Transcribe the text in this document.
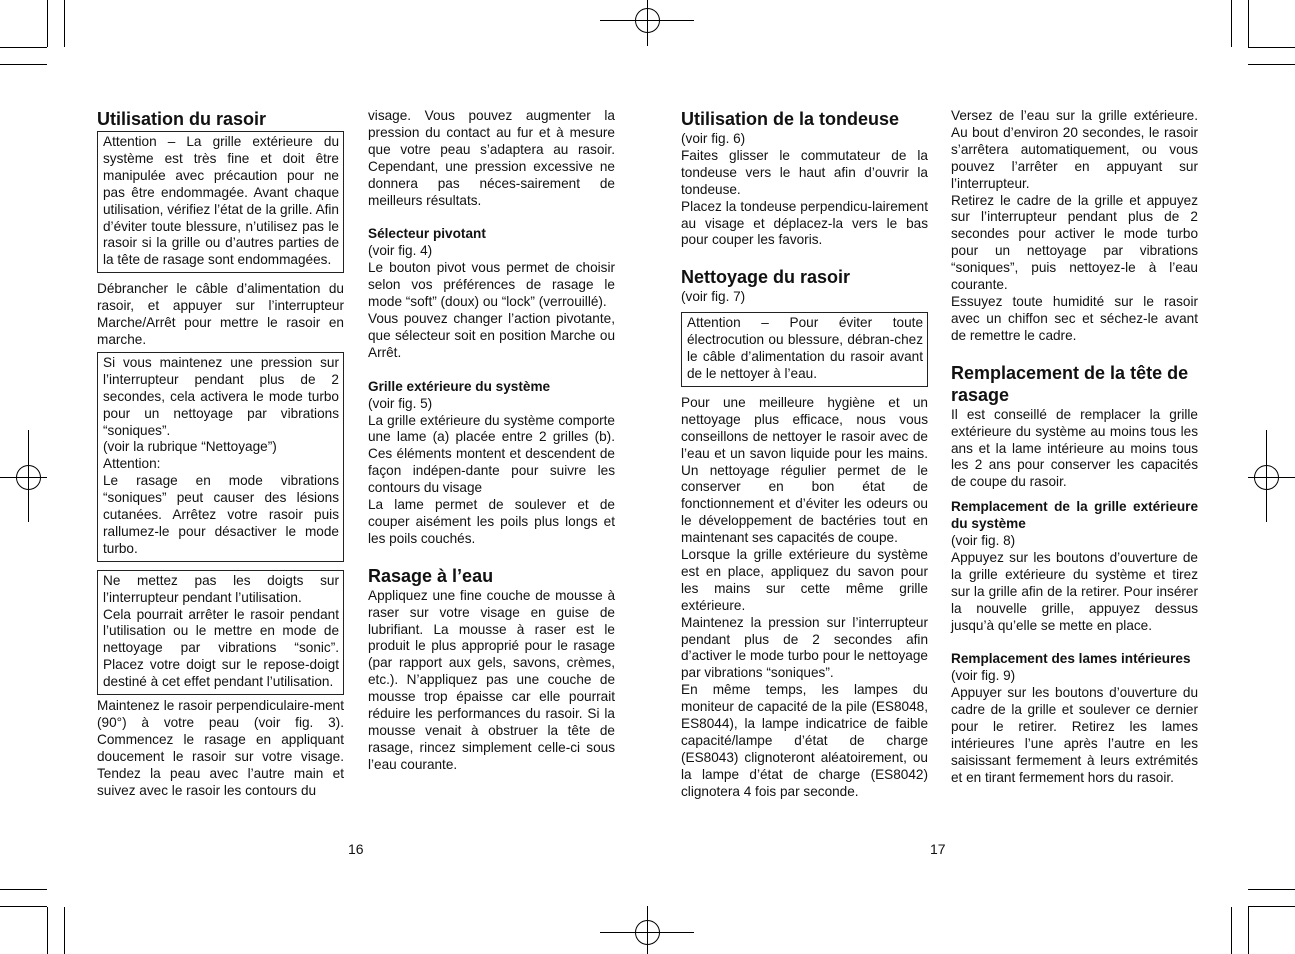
Utilisation du rasoir

Attention – La grille extérieure du système est très fine et doit être manipulée avec précaution pour ne pas être endommagée. Avant chaque utilisation, vérifiez l’état de la grille. Afin d’éviter toute blessure, n’utilisez pas le rasoir si la grille ou d’autres parties de la tête de rasage sont endommagées.

Débrancher le câble d’alimentation du rasoir, et appuyer sur l’interrupteur Marche/Arrêt pour mettre le rasoir en marche.

Si vous maintenez une pression sur l’interrupteur pendant plus de 2 secondes, cela activera le mode turbo pour un nettoyage par vibrations “soniques”.

(voir la rubrique “Nettoyage”)

Attention:

Le rasage en mode vibrations “soniques” peut causer des lésions cutanées. Arrêtez votre rasoir puis rallumez-le pour désactiver le mode turbo.

Ne mettez pas les doigts sur l’interrupteur pendant l’utilisation.

Cela pourrait arrêter le rasoir pendant l’utilisation ou le mettre en mode de nettoyage par vibrations “sonic”. Placez votre doigt sur le repose-doigt destiné à cet effet pendant l’utilisation.

Maintenez le rasoir perpendiculaire-ment (90°) à votre peau (voir fig. 3). Commencez le rasage en appliquant doucement le rasoir sur votre visage. Tendez la peau avec l’autre main et suivez avec le rasoir les contours du

visage. Vous pouvez augmenter la pression du contact au fur et à mesure que votre peau s’adaptera au rasoir. Cependant, une pression excessive ne donnera pas néces-sairement de meilleurs résultats.

Sélecteur pivotant

(voir fig. 4)

Le bouton pivot vous permet de choisir selon vos préférences de rasage le mode “soft” (doux) ou “lock” (verrouillé).

Vous pouvez changer l’action pivotante, que sélecteur soit en position Marche ou Arrêt.

Grille extérieure du système

(voir fig. 5)

La grille extérieure du système comporte une lame (a) placée entre 2 grilles (b). Ces éléments montent et descendent de façon indépen-dante pour suivre les contours du visage

La lame permet de soulever et de couper aisément les poils plus longs et les poils couchés.

Rasage à l’eau

Appliquez une fine couche de mousse à raser sur votre visage en guise de lubrifiant. La mousse à raser est le produit le plus approprié pour le rasage (par rapport aux gels, savons, crèmes, etc.). N’appliquez pas une couche de mousse trop épaisse car elle pourrait réduire les performances du rasoir. Si la mousse venait à obstruer la tête de rasage, rincez simplement celle-ci sous l’eau courante.

Utilisation de la tondeuse

(voir fig. 6)

Faites glisser le commutateur de la tondeuse vers le haut afin d’ouvrir la tondeuse.

Placez la tondeuse perpendicu-lairement au visage et déplacez-la vers le bas pour couper les favoris.

Nettoyage du rasoir

(voir fig. 7)

Attention – Pour éviter toute électrocution ou blessure, débran-chez le câble d’alimentation du rasoir avant de le nettoyer à l’eau.

Pour une meilleure hygiène et un nettoyage plus efficace, nous vous conseillons de nettoyer le rasoir avec de l’eau et un savon liquide pour les mains. Un nettoyage régulier permet de le conserver en bon état de fonctionnement et d’éviter les odeurs ou le développement de bactéries tout en maintenant ses capacités de coupe.

Lorsque la grille extérieure du système est en place, appliquez du savon pour les mains sur cette même grille extérieure.

Maintenez la pression sur l’interrupteur pendant plus de 2 secondes afin d’activer le mode turbo pour le nettoyage par vibrations “soniques”.

En même temps, les lampes du moniteur de capacité de la pile (ES8048, ES8044), la lampe indicatrice de faible capacité/lampe d’état de charge (ES8043) clignoteront aléatoirement, ou la lampe d’état de charge (ES8042) clignotera 4 fois par seconde.

Versez de l’eau sur la grille extérieure. Au bout d’environ 20 secondes, le rasoir s’arrêtera automatiquement, ou vous pouvez l’arrêter en appuyant sur l’interrupteur.

Retirez le cadre de la grille et appuyez sur l’interrupteur pendant plus de 2 secondes pour activer le mode turbo pour un nettoyage par vibrations “soniques”, puis nettoyez-le à l’eau courante.

Essuyez toute humidité sur le rasoir avec un chiffon sec et séchez-le avant de remettre le cadre.

Remplacement de la tête de rasage

Il est conseillé de remplacer la grille extérieure du système au moins tous les ans et la lame intérieure au moins tous les 2 ans pour conserver les capacités de coupe du rasoir.

Remplacement de la grille extérieure du système

(voir fig. 8)

Appuyez sur les boutons d’ouverture de la grille extérieure du système et tirez sur la grille afin de la retirer. Pour insérer la nouvelle grille, appuyez dessus jusqu’à qu’elle se mette en place.

Remplacement des lames intérieures

(voir fig. 9)

Appuyer sur les boutons d’ouverture du cadre de la grille et soulever ce dernier pour le retirer. Retirez les lames intérieures l’une après l’autre en les saisissant fermement à leurs extrémités et en tirant fermement hors du rasoir.

16	17
